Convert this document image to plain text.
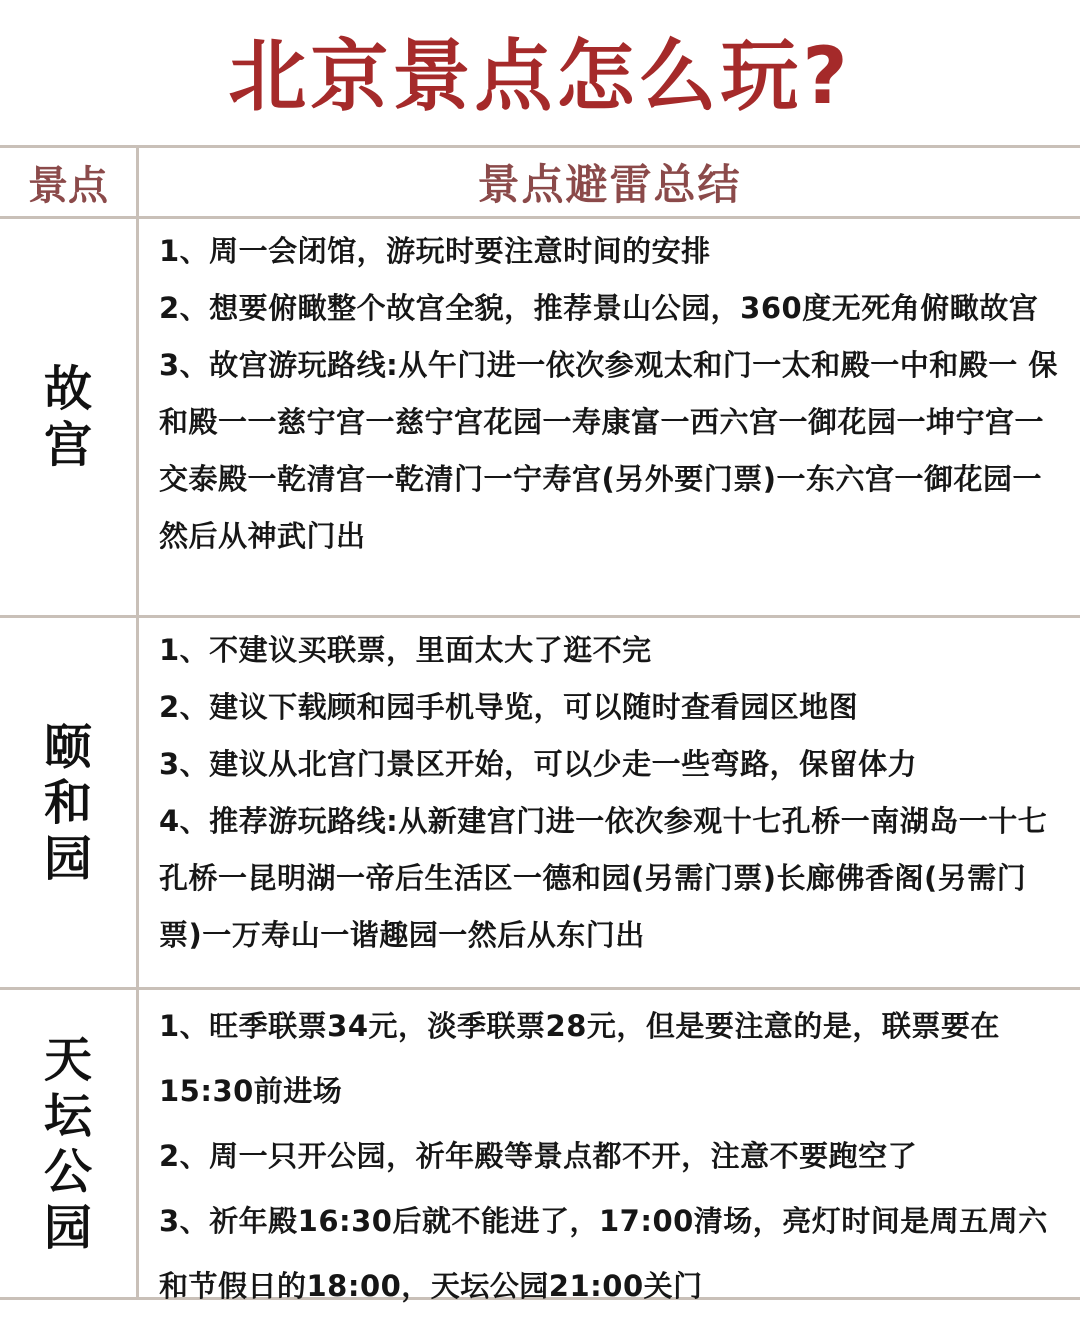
北京景点怎么玩?
景点	景点避雷总结
故宫
1、周一会闭馆，游玩时要注意时间的安排
2、想要俯瞰整个故宫全貌，推荐景山公园，360度无死角俯瞰故宫
3、故宫游玩路线:从午门进一依次参观太和门一太和殿一中和殿一 保和殿一一慈宁宫一慈宁宫花园一寿康富一西六宫一御花园一坤宁宫一交泰殿一乾清宫一乾清门一宁寿宫(另外要门票)一东六宫一御花园一然后从神武门出
颐和园
1、不建议买联票，里面太大了逛不完
2、建议下载顾和园手机导览，可以随时查看园区地图
3、建议从北宫门景区开始，可以少走一些弯路，保留体力
4、推荐游玩路线:从新建宫门进一依次参观十七孔桥一南湖岛一十七孔桥一昆明湖一帝后生活区一德和园(另需门票)长廊佛香阁(另需门票)一万寿山一谐趣园一然后从东门出
天坛公园
1、旺季联票34元，淡季联票28元，但是要注意的是，联票要在15:30前进场
2、周一只开公园，祈年殿等景点都不开，注意不要跑空了
3、祈年殿16:30后就不能进了，17:00清场，亮灯时间是周五周六和节假日的18:00，天坛公园21:00关门
